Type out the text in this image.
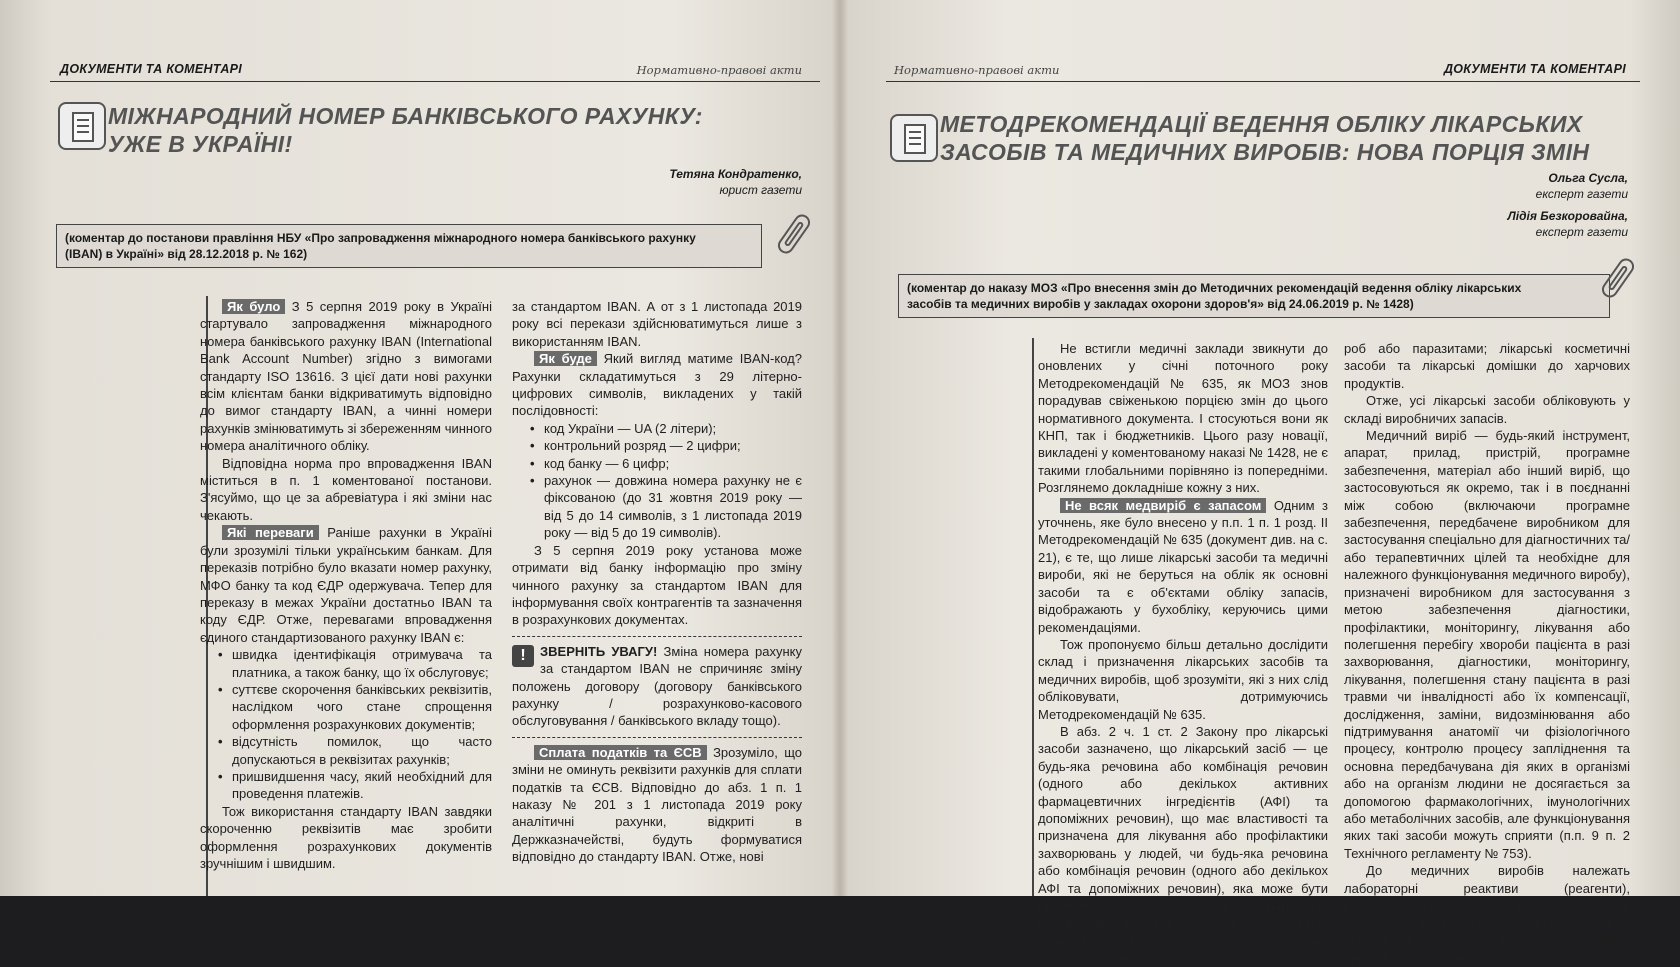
ДОКУМЕНТИ ТА КОМЕНТАРІ	Нормативно-правові акти
МІЖНАРОДНИЙ НОМЕР БАНКІВСЬКОГО РАХУНКУ:
УЖЕ В УКРАЇНІ!
Тетяна Кондратенко,
юрист газети
(коментар до постанови правління НБУ «Про запровадження міжнародного номера банківського рахунку (IBAN) в Україні» від 28.12.2018 р. № 162)

Як було З 5 серпня 2019 року в Україні стартувало запровадження міжнародного номера банківського рахунку IBAN (International Bank Account Number) згідно з вимогами стандарту ISO 13616. З цієї дати нові рахунки всім клієнтам банки відкриватимуть відповідно до вимог стандарту IBAN, а чинні номери рахунків змінюватимуть зі збереженням чинного номера аналітичного обліку.

Відповідна норма про впровадження IBAN міститься в п. 1 коментованої постанови. З'ясуймо, що це за абревіатура і які зміни нас чекають.

Які переваги Раніше рахунки в Україні були зрозумілі тільки українським банкам. Для переказів потрібно було вказати номер рахунку, МФО банку та код ЄДР одержувача. Тепер для переказу в межах України достатньо IBAN та коду ЄДР. Отже, перевагами впровадження єдиного стандартизованого рахунку IBAN є:

• швидка ідентифікація отримувача та платника, а також банку, що їх обслуговує;
• суттєве скорочення банківських реквізитів, наслідком чого стане спрощення оформлення розрахункових документів;
• відсутність помилок, що часто допускаються в реквізитах рахунків;
• пришвидшення часу, який необхідний для проведення платежів.

Тож використання стандарту IBAN завдяки скороченню реквізитів має зробити оформлення розрахункових документів зручнішим і швидшим.

за стандартом IBAN. А от з 1 листопада 2019 року всі перекази здійснюватимуться лише з використанням IBAN.

Як буде Який вигляд матиме IBAN-код? Рахунки складатимуться з 29 літерно-цифрових символів, викладених у такій послідовності:

• код України — UA (2 літери);
• контрольний розряд — 2 цифри;
• код банку — 6 цифр;
• рахунок — довжина номера рахунку не є фіксованою (до 31 жовтня 2019 року — від 5 до 14 символів, з 1 листопада 2019 року — від 5 до 19 символів).

З 5 серпня 2019 року установа може отримати від банку інформацію про зміну чинного рахунку за стандартом IBAN для інформування своїх контрагентів та зазначення в розрахункових документах.

!	ЗВЕРНІТЬ УВАГУ! Зміна номера рахунку за стандартом IBAN не спричиняє зміну положень договору (договору банківського рахунку / розрахунково-касового обслуговування / банківського вкладу тощо).

Сплата податків та ЄСВ Зрозуміло, що зміни не оминуть реквізити рахунків для сплати податків та ЄСВ. Відповідно до абз. 1 п. 1 наказу № 201 з 1 листопада 2019 року аналітичні рахунки, відкриті в Держказначействі, будуть формуватися відповідно до стандарту IBAN. Отже, нові

Нормативно-правові акти	ДОКУМЕНТИ ТА КОМЕНТАРІ
МЕТОДРЕКОМЕНДАЦІЇ ВЕДЕННЯ ОБЛІКУ ЛІКАРСЬКИХ
ЗАСОБІВ ТА МЕДИЧНИХ ВИРОБІВ: НОВА ПОРЦІЯ ЗМІН
Ольга Сусла,
експерт газети
Лідія Безкоровайна,
експерт газети
(коментар до наказу МОЗ «Про внесення змін до Методичних рекомендацій ведення обліку лікарських засобів та медичних виробів у закладах охорони здоров'я» від 24.06.2019 р. № 1428)

Не встигли медичні заклади звикнути до оновлених у січні поточного року Методрекомендацій № 635, як МОЗ знов порадував свіженькою порцією змін до цього нормативного документа. І стосуються вони як КНП, так і бюджетників. Цього разу новації, викладені у коментованому наказі № 1428, не є такими глобальними порівняно із попередніми. Розглянемо докладніше кожну з них.

Не всяк медвиріб є запасом Одним з уточнень, яке було внесено у п.п. 1 п. 1 розд. II Методрекомендацій № 635 (документ див. на с. 21), є те, що лише лікарські засоби та медичні вироби, які не беруться на облік як основні засоби та є об'єктами обліку запасів, відображають у бухобліку, керуючись цими рекомендаціями.

Тож пропонуємо більш детально дослідити склад і призначення лікарських засобів та медичних виробів, щоб зрозуміти, які з них слід обліковувати, дотримуючись Методрекомендацій № 635.

В абз. 2 ч. 1 ст. 2 Закону про лікарські засоби зазначено, що лікарський засіб — це будь-яка речовина або комбінація речовин (одного або декількох активних фармацевтичних інгредієнтів (АФІ) та допоміжних речовин), що має властивості та призначена для лікування або профілактики захворювань у людей, чи будь-яка речовина або комбінація речовин (одного або декількох АФІ та допоміжних речовин), яка може бути призначена для запобігання вагітності, відновлення, корекції чи зміни фізіологічних функцій у людини шляхом здійснення фармакологічної,

роб або паразитами; лікарські косметичні засоби та лікарські домішки до харчових продуктів.

Отже, усі лікарські засоби обліковують у складі виробничих запасів.

Медичний виріб — будь-який інструмент, апарат, прилад, пристрій, програмне забезпечення, матеріал або інший виріб, що застосовуються як окремо, так і в поєднанні між собою (включаючи програмне забезпечення, передбачене виробником для застосування спеціально для діагностичних та/або терапевтичних цілей та необхідне для належного функціонування медичного виробу), призначені виробником для застосування з метою забезпечення діагностики, профілактики, моніторингу, лікування або полегшення перебігу хвороби пацієнта в разі захворювання, діагностики, моніторингу, лікування, полегшення стану пацієнта в разі травми чи інвалідності або їх компенсації, дослідження, заміни, видозмінювання або підтримування анатомії чи фізіологічного процесу, контролю процесу запліднення та основна передбачувана дія яких в організмі або на організм людини не досягається за допомогою фармакологічних, імунологічних або метаболічних засобів, але функціонування яких такі засоби можуть сприяти (п.п. 9 п. 2 Технічного регламенту № 753).

До медичних виробів належать лабораторні реактиви (реагенти), перев'язувальні та шовні засоби, стоматологічні матеріали, санітарно-гігієнічні вироби та матеріали, протезно-ортопедичні вироби, лабораторний по-
